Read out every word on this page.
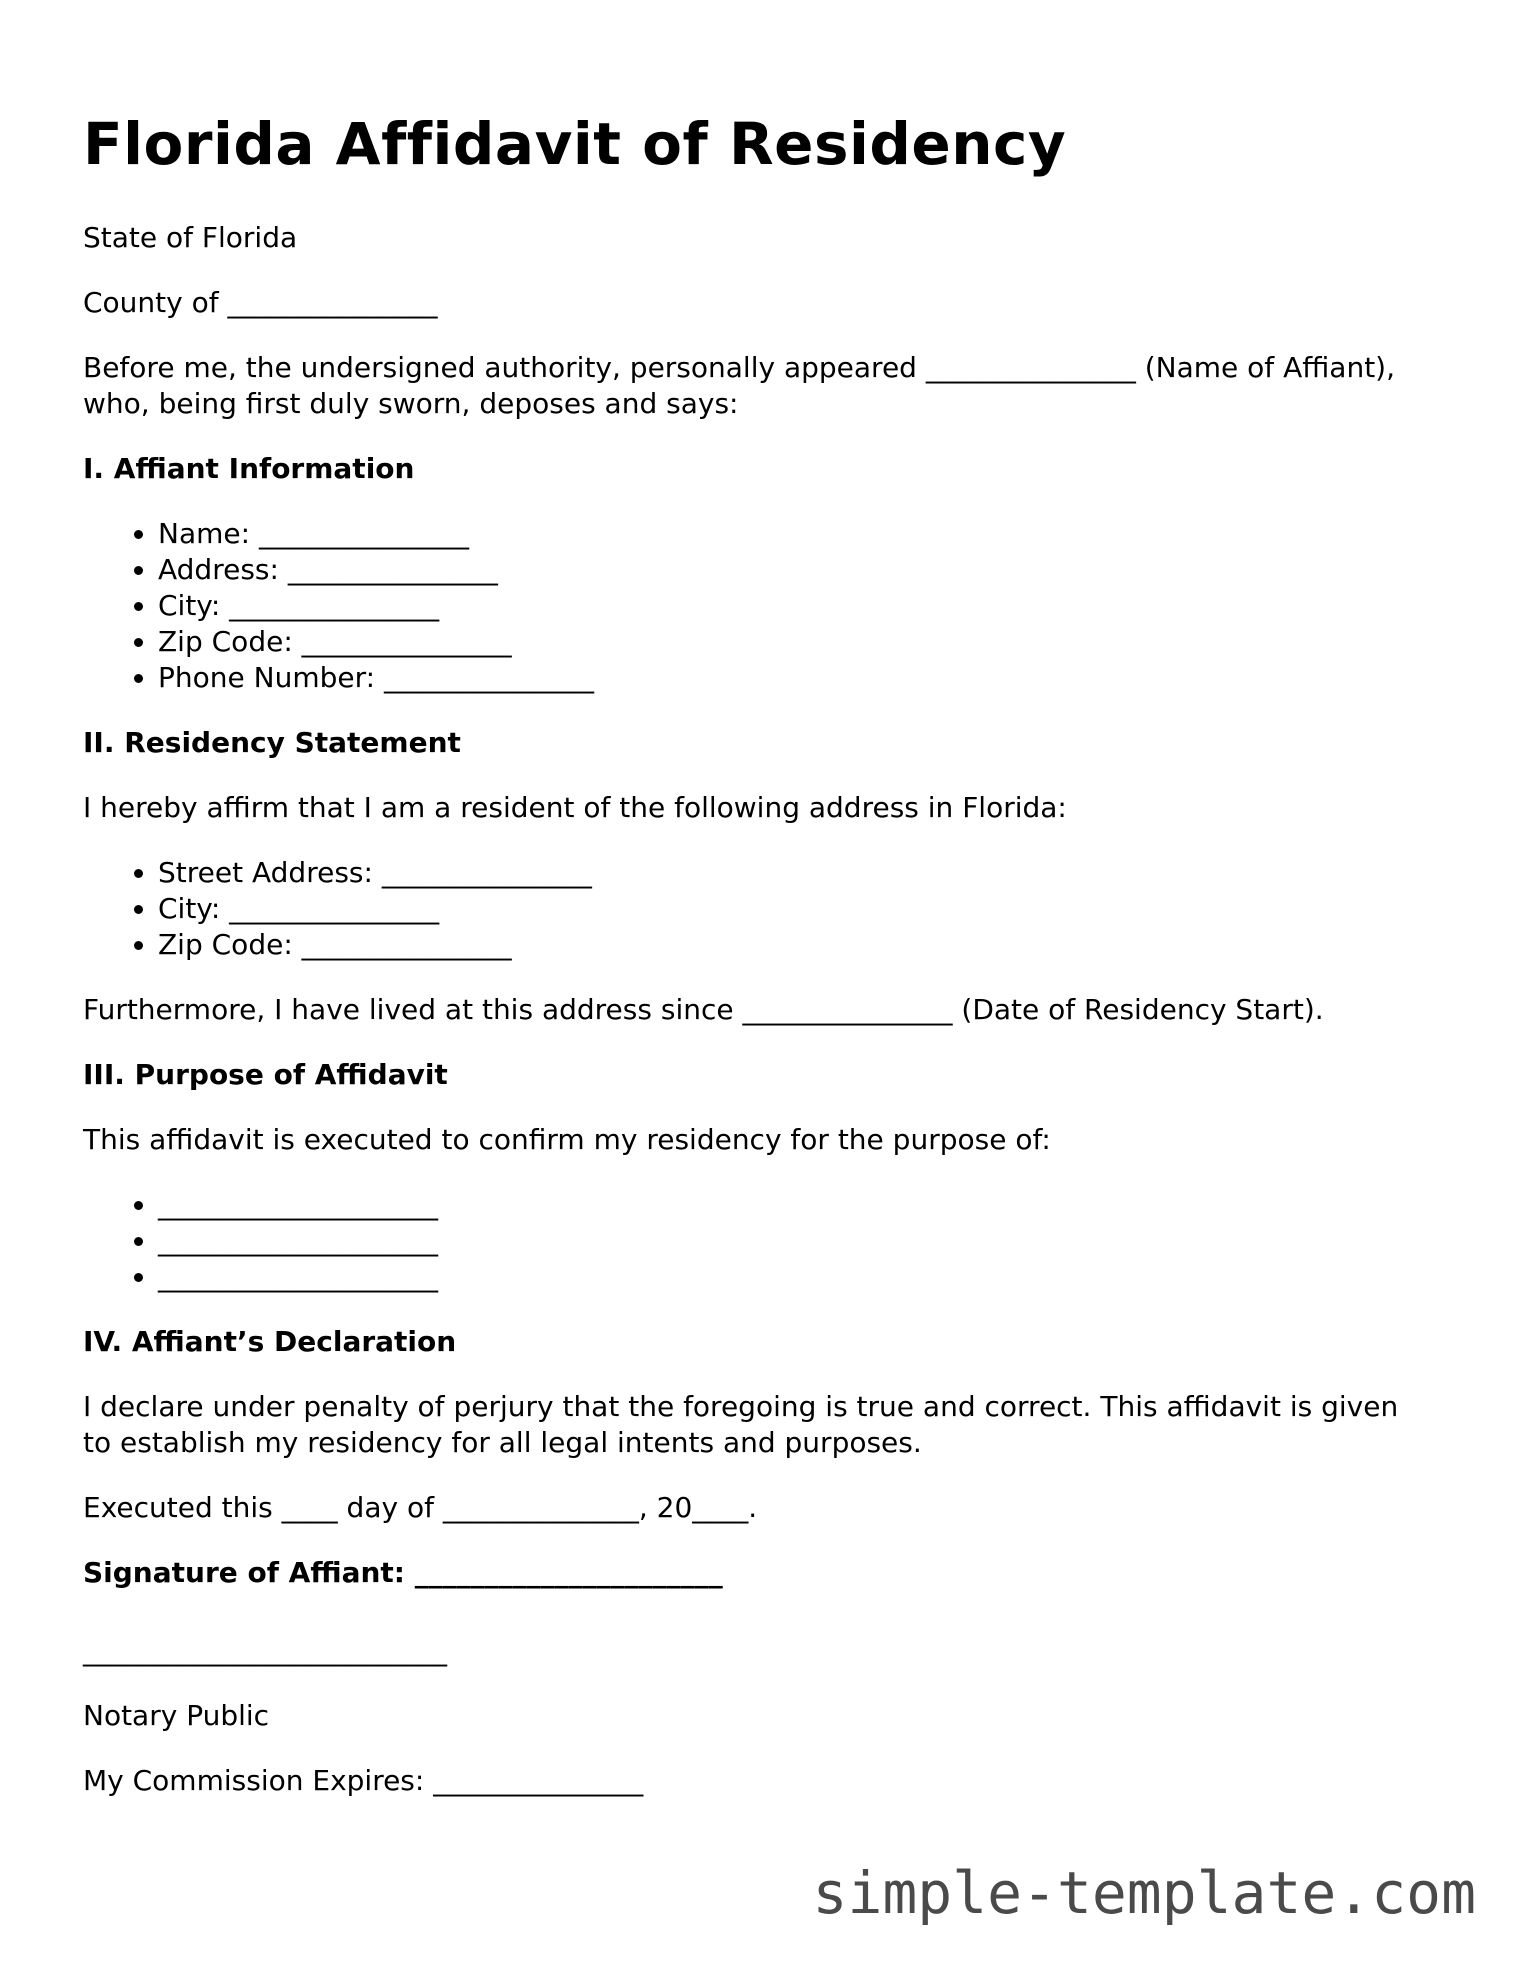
Florida Affidavit of Residency

State of Florida

County of _______________

Before me, the undersigned authority, personally appeared _______________ (Name of Affiant), who, being first duly sworn, deposes and says:

I. Affiant Information
• Name: _______________
• Address: _______________
• City: _______________
• Zip Code: _______________
• Phone Number: _______________
II. Residency Statement

I hereby affirm that I am a resident of the following address in Florida:

• Street Address: _______________
• City: _______________
• Zip Code: _______________

Furthermore, I have lived at this address since _______________ (Date of Residency Start).

III. Purpose of Affidavit

This affidavit is executed to confirm my residency for the purpose of:

• ____________________
• ____________________
• ____________________
IV. Affiant’s Declaration

I declare under penalty of perjury that the foregoing is true and correct. This affidavit is given to establish my residency for all legal intents and purposes.

Executed this ____ day of ______________, 20____.

Signature of Affiant: ______________________

__________________________

Notary Public

My Commission Expires: _______________

simple-template.com
